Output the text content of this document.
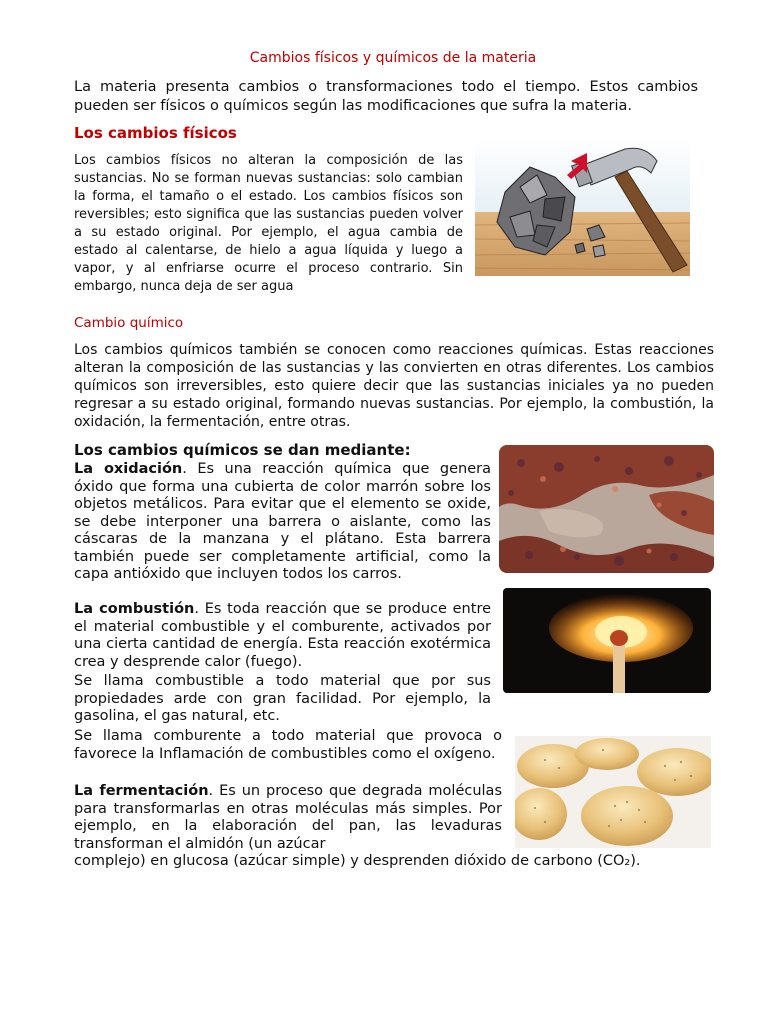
Cambios físicos y químicos de la materia
La materia presenta cambios o transformaciones todo el tiempo. Estos cambios pueden ser físicos o químicos según las modificaciones que sufra la materia.
Los cambios físicos
Los cambios físicos no alteran la composición de las sustancias. No se forman nuevas sustancias: solo cambian la forma, el tamaño o el estado. Los cambios físicos son reversibles; esto significa que las sustancias pueden volver a su estado original. Por ejemplo, el agua cambia de estado al calentarse, de hielo a agua líquida y luego a vapor, y al enfriarse ocurre el proceso contrario. Sin embargo, nunca deja de ser agua
Cambio químico
Los cambios químicos también se conocen como reacciones químicas. Estas reacciones alteran la composición de las sustancias y las convierten en otras diferentes. Los cambios químicos son irreversibles, esto quiere decir que las sustancias iniciales ya no pueden regresar a su estado original, formando nuevas sustancias. Por ejemplo, la combustión, la oxidación, la fermentación, entre otras.
Los cambios químicos se dan mediante:
La oxidación. Es una reacción química que genera óxido que forma una cubierta de color marrón sobre los objetos metálicos. Para evitar que el elemento se oxide, se debe interponer una barrera o aislante, como las cáscaras de la manzana y el plátano. Esta barrera también puede ser completamente artificial, como la capa antióxido que incluyen todos los carros.
La combustión. Es toda reacción que se produce entre el material combustible y el comburente, activados por una cierta cantidad de energía. Esta reacción exotérmica crea y desprende calor (fuego).
Se llama combustible a todo material que por sus propiedades arde con gran facilidad. Por ejemplo, la gasolina, el gas natural, etc.
Se llama comburente a todo material que provoca o favorece la Inflamación de combustibles como el oxígeno.
La fermentación. Es un proceso que degrada moléculas para transformarlas en otras moléculas más simples. Por ejemplo, en la elaboración del pan, las levaduras transforman el almidón (un azúcar
complejo) en glucosa (azúcar simple) y desprenden dióxido de carbono (CO₂).
